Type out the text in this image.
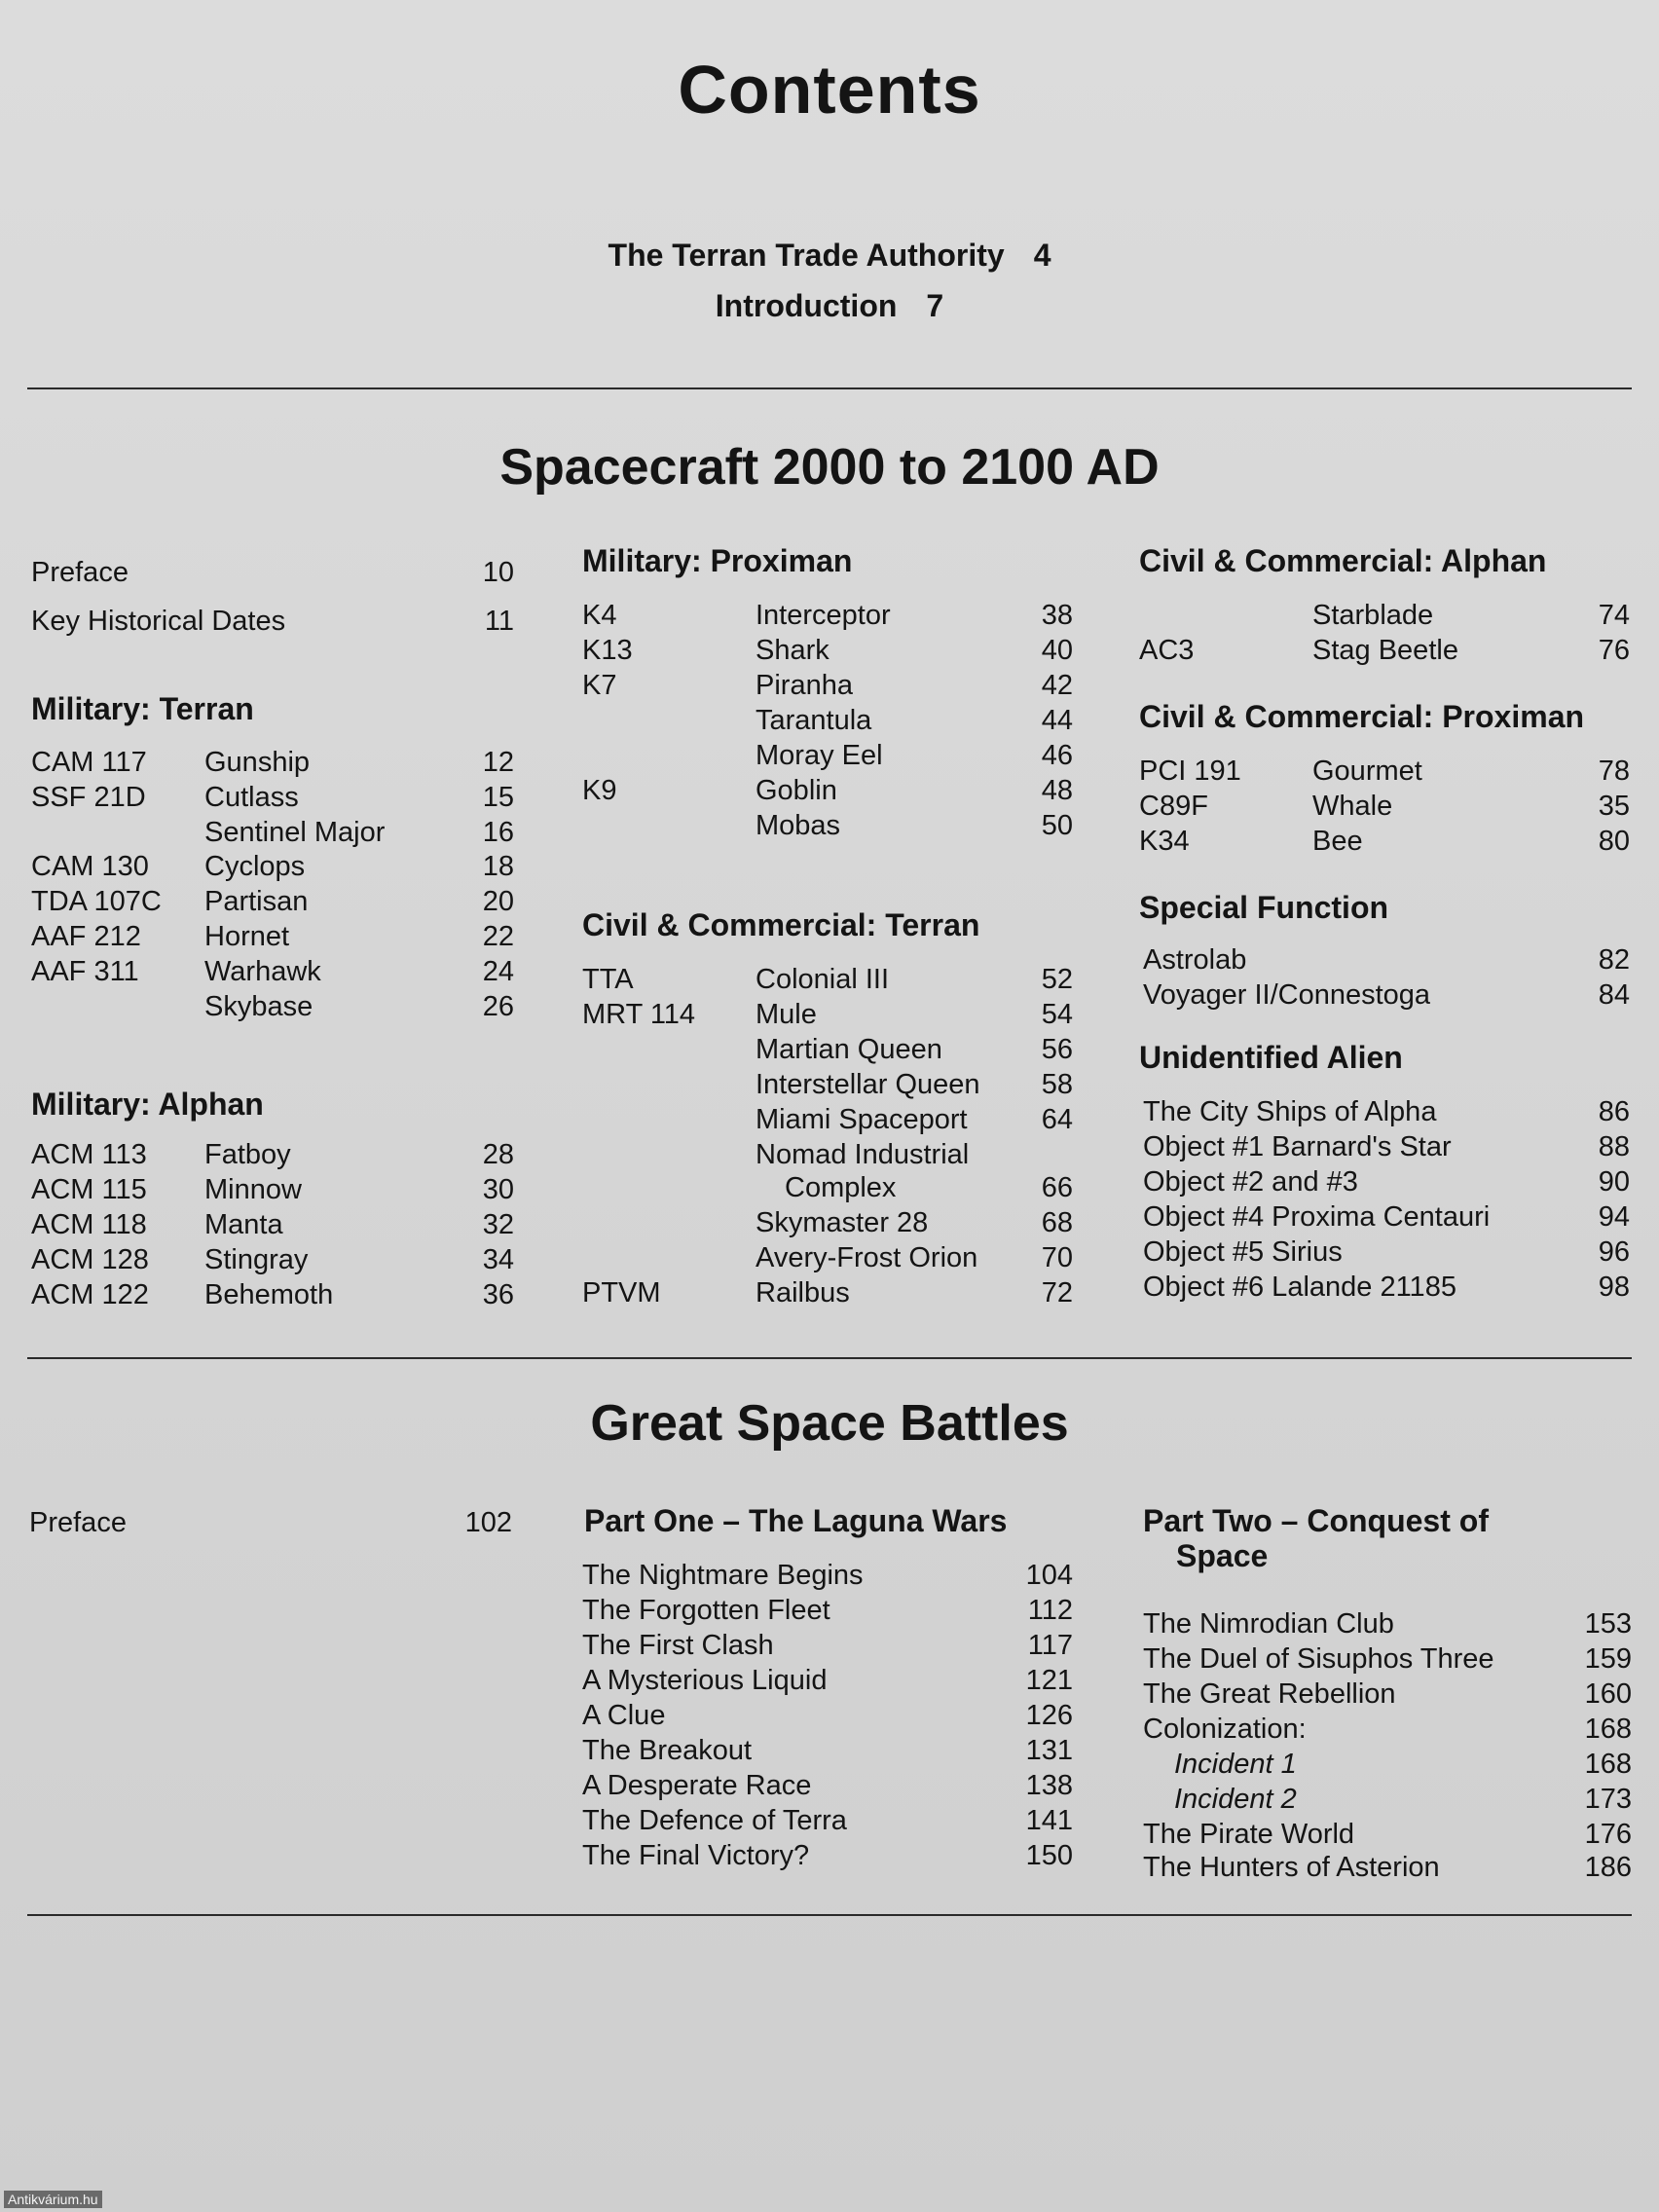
Contents
The Terran Trade Authority 4
Introduction 7
Spacecraft 2000 to 2100 AD
Preface	10
Key Historical Dates	11
Military: Terran
CAM 117 Gunship	12
SSF 21D Cutlass	15
Sentinel Major	16
CAM 130 Cyclops	18
TDA 107C Partisan	20
AAF 212 Hornet	22
AAF 311 Warhawk	24
Skybase	26
Military: Alphan
ACM 113 Fatboy	28
ACM 115 Minnow	30
ACM 118 Manta	32
ACM 128 Stingray	34
ACM 122 Behemoth	36
Military: Proximan
K4	Interceptor	38
K13	Shark	40
K7	Piranha	42
Tarantula	44
Moray Eel	46
K9	Goblin	48
Mobas	50
Civil & Commercial: Terran
TTA	Colonial III	52
MRT 114 Mule	54
Martian Queen	56
Interstellar Queen 58
Miami Spaceport	64
Nomad Industrial
Complex	66
Skymaster 28	68
Avery-Frost Orion 70
PTVM	Railbus	72
Civil & Commercial: Alphan
Starblade	74
AC3	Stag Beetle	76
Civil & Commercial: Proximan
PCI 191	Gourmet	78
C89F	Whale	35
K34	Bee	80
Special Function
Astrolab	82
Voyager II/Connestoga	84
Unidentified Alien
The City Ships of Alpha	86
Object #1 Barnard's Star	88
Object #2 and #3	90
Object #4 Proxima Centauri	94
Object #5 Sirius	96
Object #6 Lalande 21185	98
Great Space Battles
Preface	102 Part One – The Laguna Wars
The Nightmare Begins	104
The Forgotten Fleet	112
The First Clash	117
A Mysterious Liquid	121
A Clue	126
The Breakout	131
A Desperate Race	138
The Defence of Terra	141
The Final Victory?	150
Part Two – Conquest of
Space
The Nimrodian Club	153
The Duel of Sisuphos Three	159
The Great Rebellion	160
Colonization:	168
Incident 1	168
Incident 2	173
The Pirate World	176
The Hunters of Asterion	186
Antikvárium.hu
